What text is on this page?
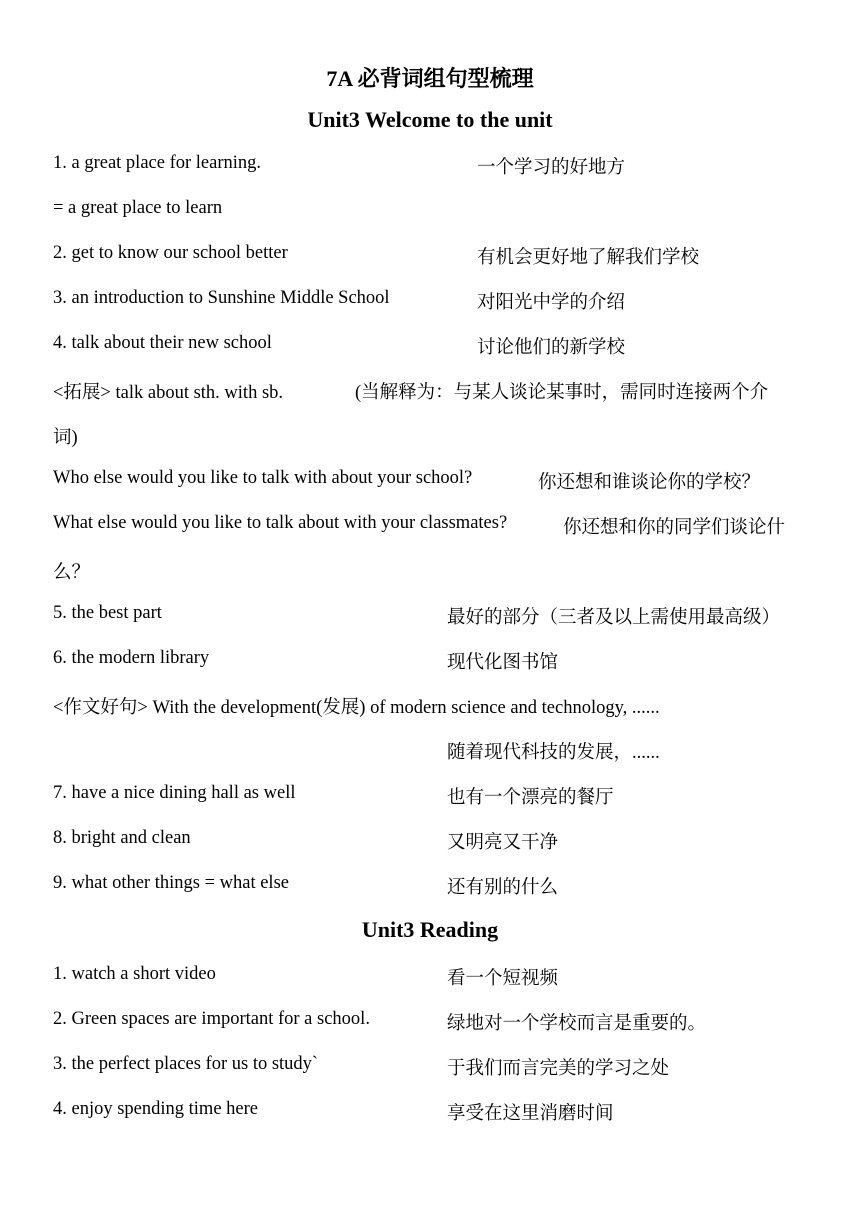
7A 必背词组句型梳理
Unit3 Welcome to the unit
1. a great place for learning.	一个学习的好地方
= a great place to learn
2. get to know our school better	有机会更好地了解我们学校
3. an introduction to Sunshine Middle School	对阳光中学的介绍
4. talk about their new school	讨论他们的新学校
<拓展> talk about sth. with sb.	(当解释为：与某人谈论某事时，需同时连接两个介
词)
Who else would you like to talk with about your school?	你还想和谁谈论你的学校？
What else would you like to talk about with your classmates?	你还想和你的同学们谈论什
么？
5. the best part	最好的部分（三者及以上需使用最高级）
6. the modern library	现代化图书馆
<作文好句> With the development(发展) of modern science and technology, ......
随着现代科技的发展，......
7. have a nice dining hall as well	也有一个漂亮的餐厅
8. bright and clean	又明亮又干净
9. what other things = what else	还有别的什么
Unit3 Reading
1. watch a short video	看一个短视频
2. Green spaces are important for a school.	绿地对一个学校而言是重要的。
3. the perfect places for us to study`	于我们而言完美的学习之处
4. enjoy spending time here	享受在这里消磨时间
